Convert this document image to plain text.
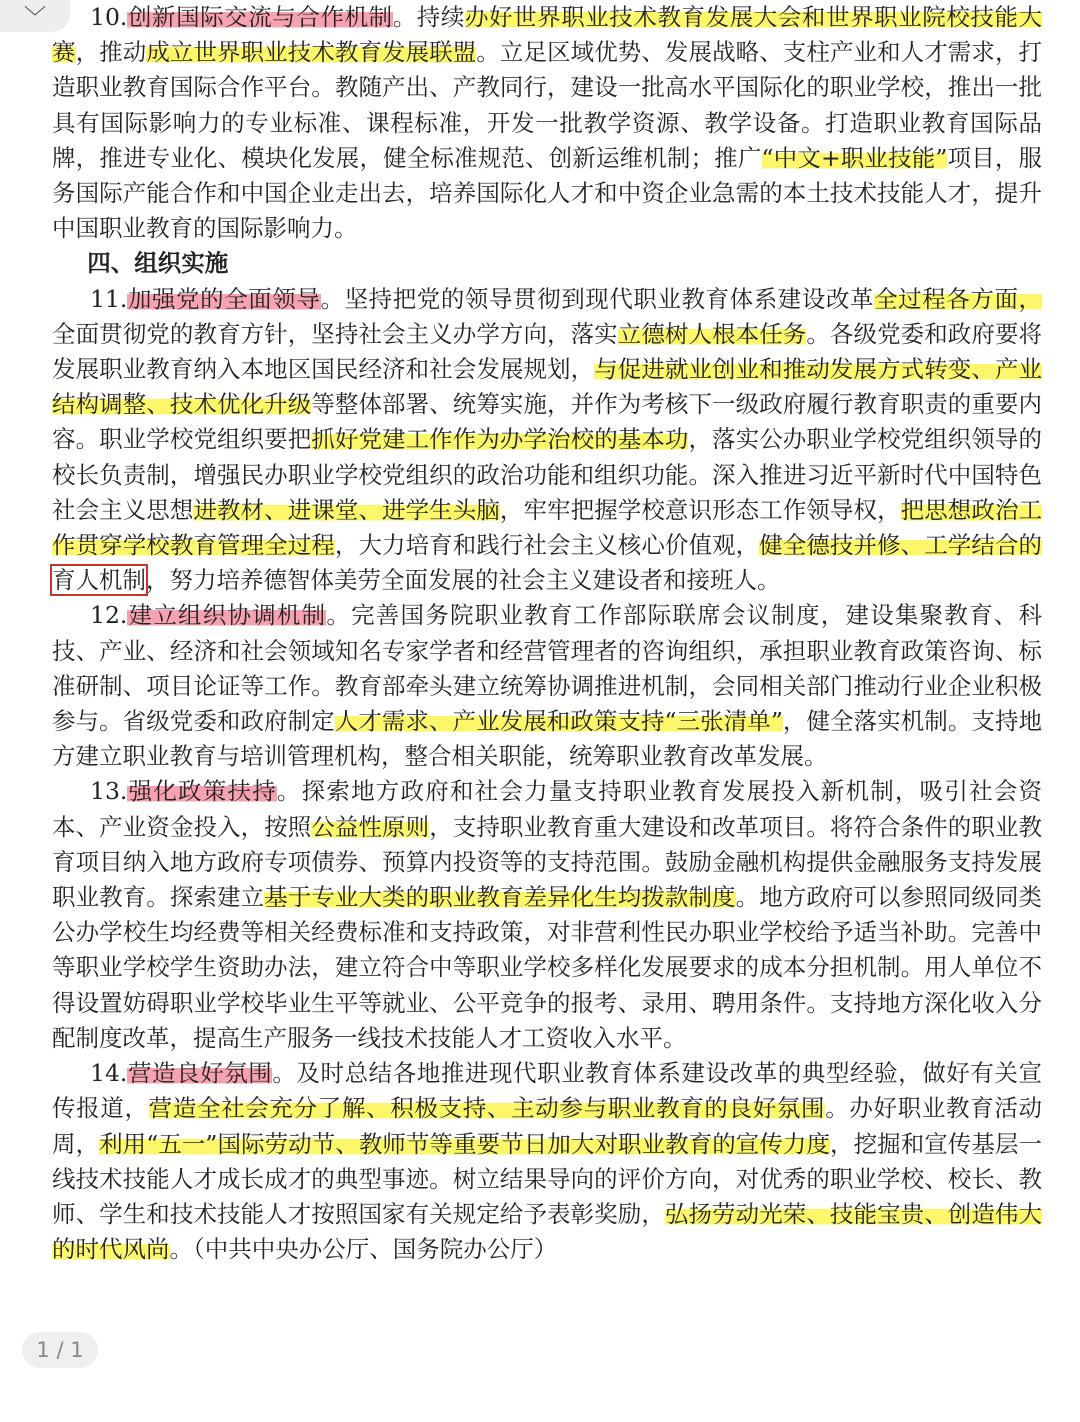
﹀	10.创新国际交流与合作机制。持续办好世界职业技术教育发展大会和世界职业院校技能大赛，推动成立世界职业技术教育发展联盟。立足区域优势、发展战略、支柱产业和人才需求，打造职业教育国际合作平台。教随产出、产教同行，建设一批高水平国际化的职业学校，推出一批具有国际影响力的专业标准、课程标准，开发一批教学资源、教学设备。打造职业教育国际品牌，推进专业化、模块化发展，健全标准规范、创新运维机制；推广“中文+职业技能”项目，服务国际产能合作和中国企业走出去，培养国际化人才和中资企业急需的本土技术技能人才，提升中国职业教育的国际影响力。

四、组织实施

11.加强党的全面领导。坚持把党的领导贯彻到现代职业教育体系建设改革全过程各方面，全面贯彻党的教育方针，坚持社会主义办学方向，落实立德树人根本任务。各级党委和政府要将发展职业教育纳入本地区国民经济和社会发展规划，与促进就业创业和推动发展方式转变、产业结构调整、技术优化升级等整体部署、统筹实施，并作为考核下一级政府履行教育职责的重要内容。职业学校党组织要把抓好党建工作作为办学治校的基本功，落实公办职业学校党组织领导的校长负责制，增强民办职业学校党组织的政治功能和组织功能。深入推进习近平新时代中国特色社会主义思想进教材、进课堂、进学生头脑，牢牢把握学校意识形态工作领导权，把思想政治工作贯穿学校教育管理全过程，大力培育和践行社会主义核心价值观，健全德技并修、工学结合的育人机制，努力培养德智体美劳全面发展的社会主义建设者和接班人。

12.建立组织协调机制。完善国务院职业教育工作部际联席会议制度，建设集聚教育、科技、产业、经济和社会领域知名专家学者和经营管理者的咨询组织，承担职业教育政策咨询、标准研制、项目论证等工作。教育部牵头建立统筹协调推进机制，会同相关部门推动行业企业积极参与。省级党委和政府制定人才需求、产业发展和政策支持“三张清单”，健全落实机制。支持地方建立职业教育与培训管理机构，整合相关职能，统筹职业教育改革发展。

13.强化政策扶持。探索地方政府和社会力量支持职业教育发展投入新机制，吸引社会资本、产业资金投入，按照公益性原则，支持职业教育重大建设和改革项目。将符合条件的职业教育项目纳入地方政府专项债券、预算内投资等的支持范围。鼓励金融机构提供金融服务支持发展职业教育。探索建立基于专业大类的职业教育差异化生均拨款制度。地方政府可以参照同级同类公办学校生均经费等相关经费标准和支持政策，对非营利性民办职业学校给予适当补助。完善中等职业学校学生资助办法，建立符合中等职业学校多样化发展要求的成本分担机制。用人单位不得设置妨碍职业学校毕业生平等就业、公平竞争的报考、录用、聘用条件。支持地方深化收入分配制度改革，提高生产服务一线技术技能人才工资收入水平。

14.营造良好氛围。及时总结各地推进现代职业教育体系建设改革的典型经验，做好有关宣传报道，营造全社会充分了解、积极支持、主动参与职业教育的良好氛围。办好职业教育活动周，利用“五一”国际劳动节、教师节等重要节日加大对职业教育的宣传力度，挖掘和宣传基层一线技术技能人才成长成才的典型事迹。树立结果导向的评价方向，对优秀的职业学校、校长、教师、学生和技术技能人才按照国家有关规定给予表彰奖励，弘扬劳动光荣、技能宝贵、创造伟大的时代风尚。（中共中央办公厅、国务院办公厅）

1 / 1
